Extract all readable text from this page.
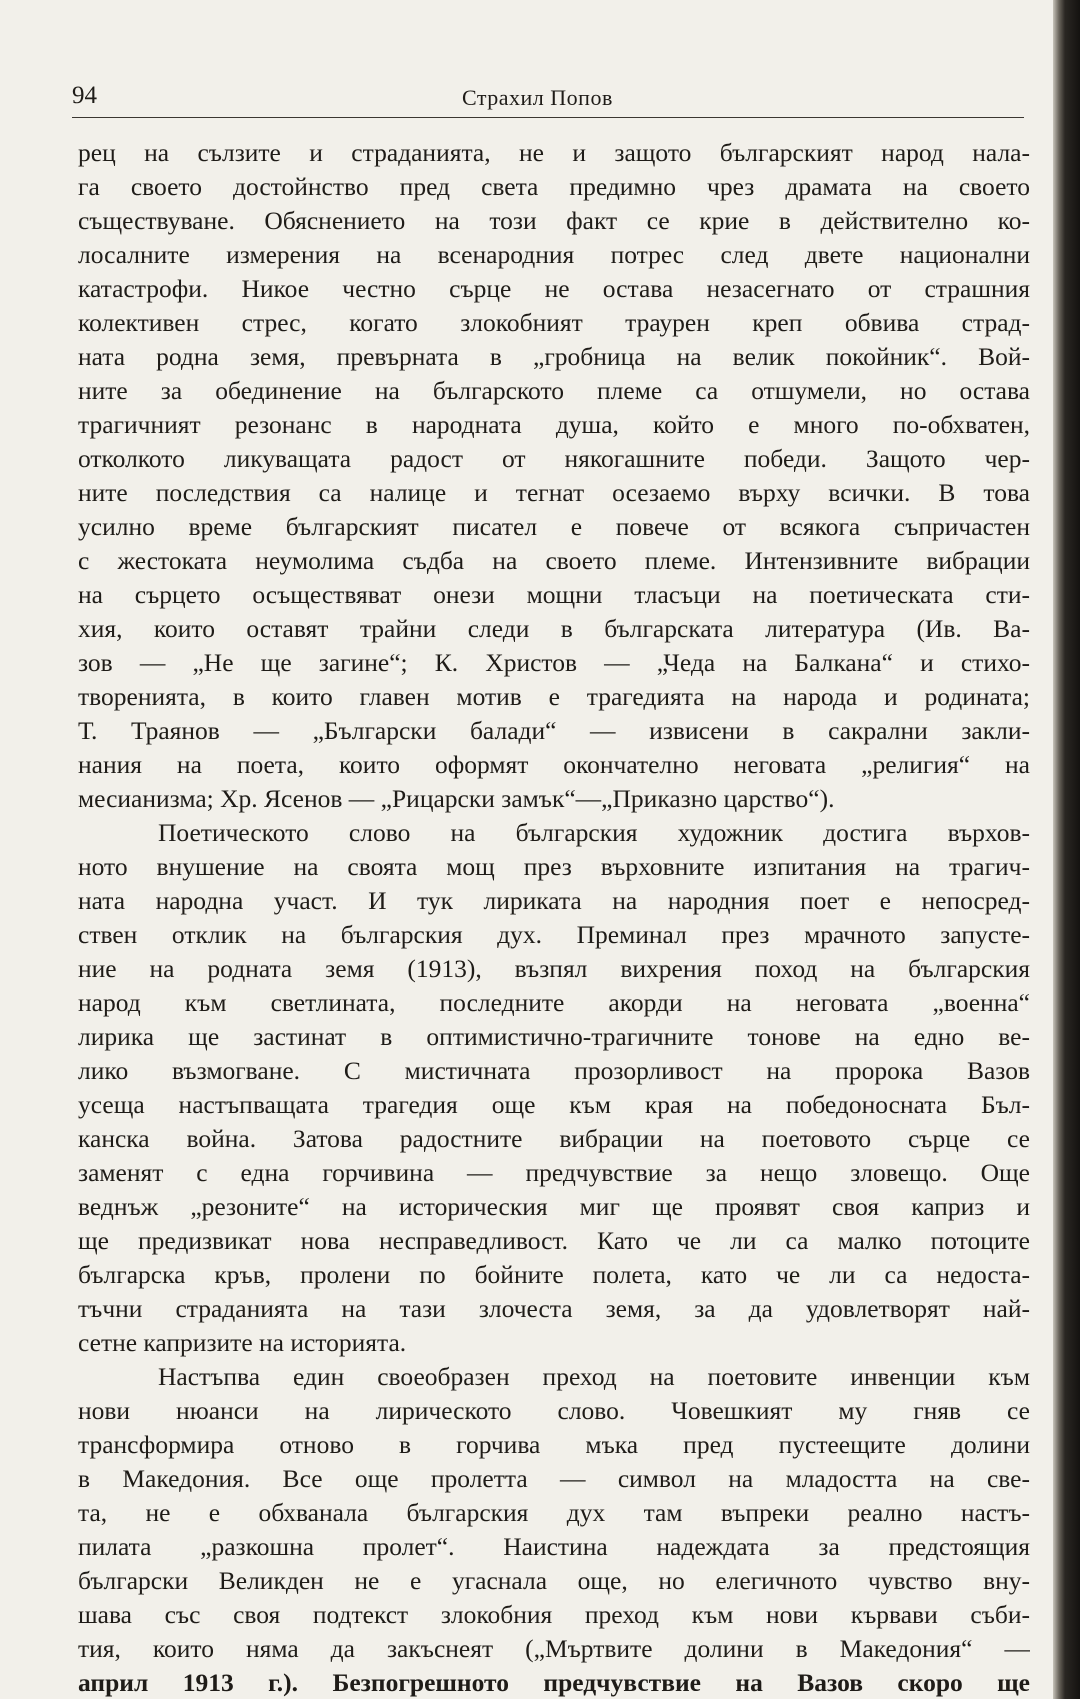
94	Страхил Попов
рец на сълзите и страданията, не и защото българският народ нала-
га своето достойнство пред света предимно чрез драмата на своето
съществуване. Обяснението на този факт се крие в действително ко-
лосалните измерения на всенародния потрес след двете национални
катастрофи. Никое честно сърце не остава незасегнато от страшния
колективен стрес, когато злокобният траурен креп обвива страд-
ната родна земя, превърната в „гробница на велик покойник“. Вой-
ните за обединение на българското племе са отшумели, но остава
трагичният резонанс в народната душа, който е много по-обхватен,
отколкото ликуващата радост от някогашните победи. Защото чер-
ните последствия са налице и тегнат осезаемо върху всички. В това
усилно време българският писател е повече от всякога съпричастен
с жестоката неумолима съдба на своето племе. Интензивните вибрации
на сърцето осъществяват онези мощни тласъци на поетическата сти-
хия, които оставят трайни следи в българската литература (Ив. Ва-
зов — „Не ще загине“; К. Христов — „Чеда на Балкана“ и стихо-
творенията, в които главен мотив е трагедията на народа и родината;
Т. Траянов — „Български балади“ — извисени в сакрални закли-
нания на поета, които оформят окончателно неговата „религия“ на
месианизма; Хр. Ясенов — „Рицарски замък“—„Приказно царство“).
Поетическото слово на българския художник достига върхов-
ното внушение на своята мощ през върховните изпитания на трагич-
ната народна участ. И тук лириката на народния поет е непосред-
ствен отклик на българския дух. Преминал през мрачното запусте-
ние на родната земя (1913), възпял вихрения поход на българския
народ към светлината, последните акорди на неговата „военна“
лирика ще застинат в оптимистично-трагичните тонове на едно ве-
лико възмогване. С мистичната прозорливост на пророка Вазов
усеща настъпващата трагедия още към края на победоносната Бъл-
канска война. Затова радостните вибрации на поетовото сърце се
заменят с една горчивина — предчувствие за нещо зловещо. Още
веднъж „резоните“ на историческия миг ще проявят своя каприз и
ще предизвикат нова несправедливост. Като че ли са малко потоците
българска кръв, пролени по бойните полета, като че ли са недоста-
тъчни страданията на тази злочеста земя, за да удовлетворят най-
сетне капризите на историята.
Настъпва един своеобразен преход на поетовите инвенции към
нови нюанси на лирическото слово. Човешкият му гняв се
трансформира отново в горчива мъка пред пустеещите долини
в Македония. Все още пролетта — символ на младостта на све-
та, не е обхванала българския дух там въпреки реално настъ-
пилата „разкошна пролет“. Наистина надеждата за предстоящия
български Великден не е угаснала още, но елегичното чувство вну-
шава със своя подтекст злокобния преход към нови кървави съби-
тия, които няма да закъснеят („Мъртвите долини в Македония“ —
април 1913 г.). Безпогрешното предчувствие на Вазов скоро ще
